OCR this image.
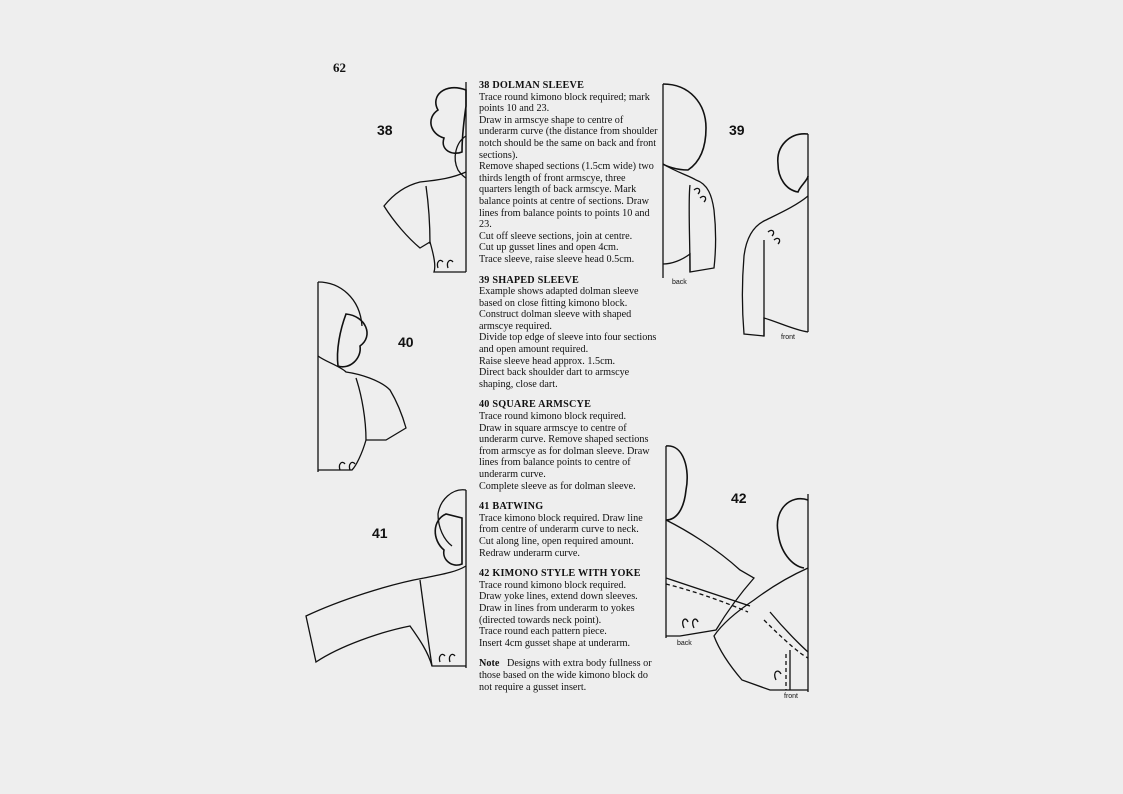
62
38 DOLMAN SLEEVE
Trace round kimono block required; mark points 10 and 23.
Draw in armscye shape to centre of underarm curve (the distance from shoulder notch should be the same on back and front sections).
Remove shaped sections (1.5cm wide) two thirds length of front armscye, three quarters length of back armscye. Mark balance points at centre of sections. Draw lines from balance points to points 10 and 23.
Cut off sleeve sections, join at centre.
Cut up gusset lines and open 4cm.
Trace sleeve, raise sleeve head 0.5cm.
39 SHAPED SLEEVE
Example shows adapted dolman sleeve based on close fitting kimono block.
Construct dolman sleeve with shaped armscye required.
Divide top edge of sleeve into four sections and open amount required.
Raise sleeve head approx. 1.5cm.
Direct back shoulder dart to armscye shaping, close dart.
40 SQUARE ARMSCYE
Trace round kimono block required.
Draw in square armscye to centre of underarm curve. Remove shaped sections from armscye as for dolman sleeve. Draw lines from balance points to centre of underarm curve.
Complete sleeve as for dolman sleeve.
41 BATWING
Trace kimono block required. Draw line from centre of underarm curve to neck.
Cut along line, open required amount.
Redraw underarm curve.
42 KIMONO STYLE WITH YOKE
Trace round kimono block required.
Draw yoke lines, extend down sleeves.
Draw in lines from underarm to yokes (directed towards neck point).
Trace round each pattern piece.
Insert 4cm gusset shape at underarm.
Note Designs with extra body fullness or those based on the wide kimono block do not require a gusset insert.
38	39
40
41
42
back
front
back
front
